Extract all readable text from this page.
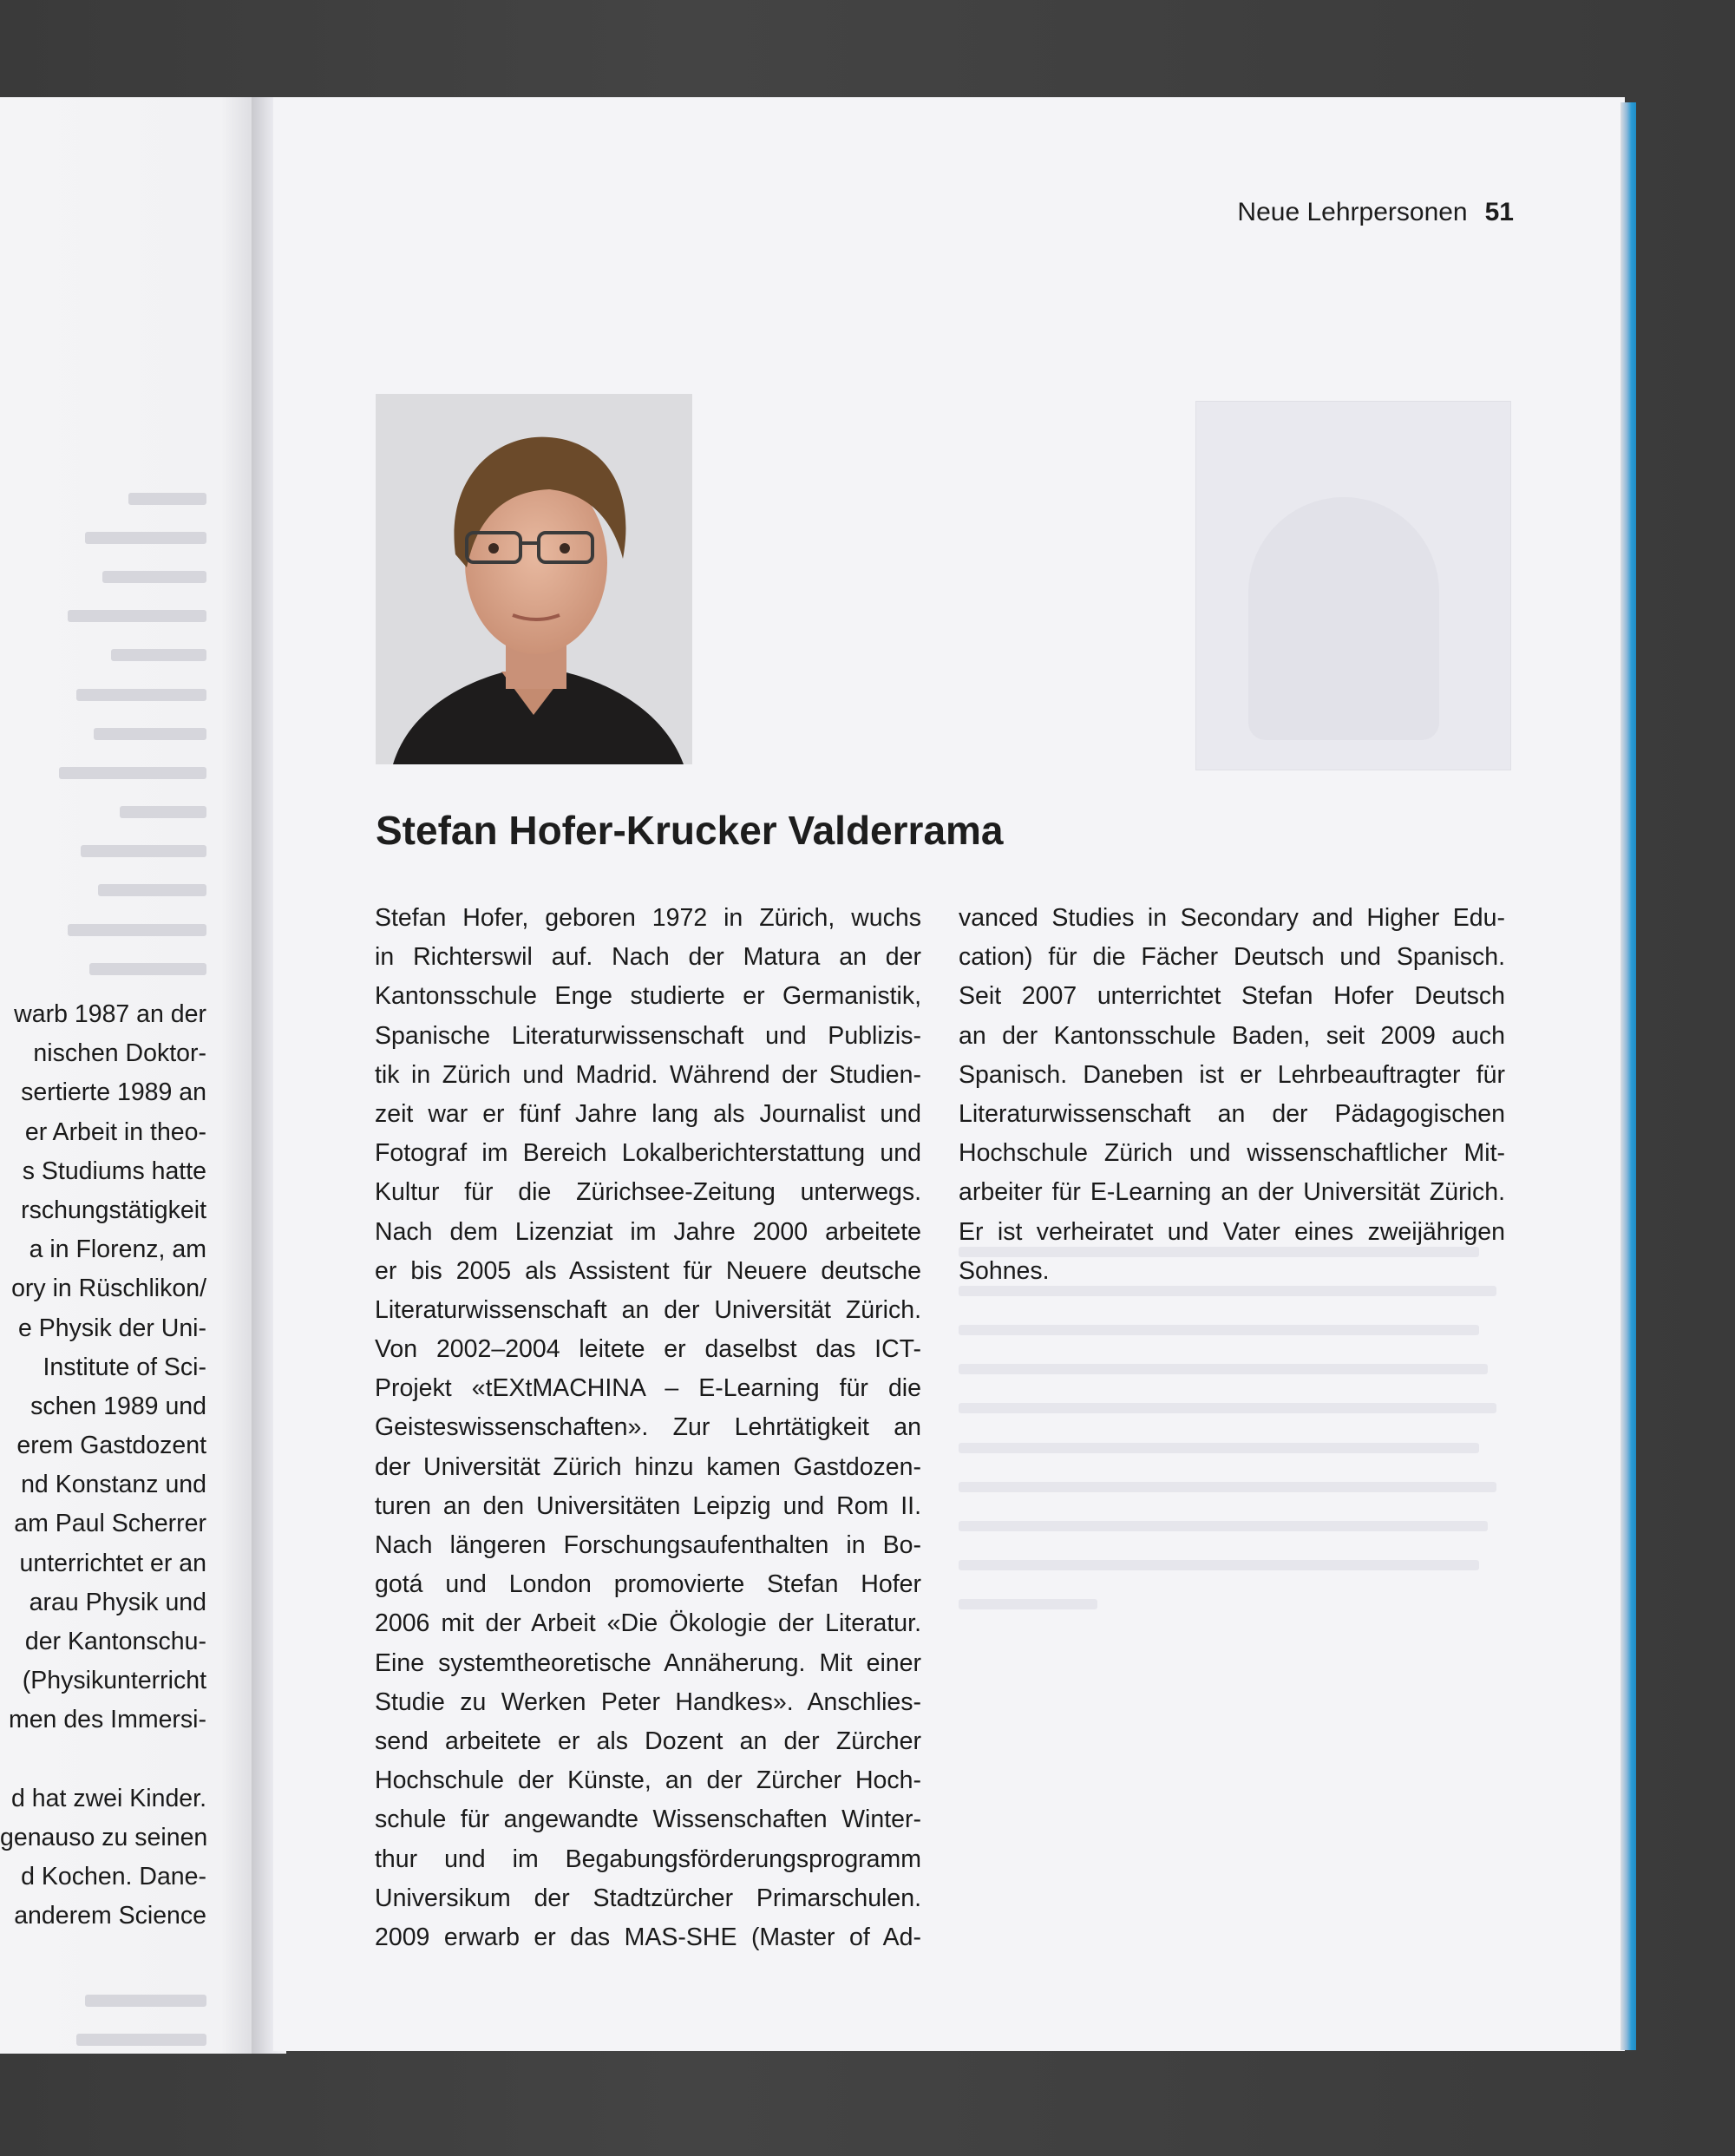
warb 1987 an der
nischen Doktor-
sertierte 1989 an
er Arbeit in theo-
s Studiums hatte
rschungstätigkeit
a in Florenz, am
ory in Rüschlikon/
e Physik der Uni-
Institute of Sci-
schen 1989 und
erem Gastdozent
nd Konstanz und
am Paul Scherrer
unterrichtet er an
arau Physik und
der Kantonschu-
(Physikunterricht
men des Immersi-
d hat zwei Kinder.
genauso zu seinen
d Kochen. Dane-
anderem Science
Neue Lehrpersonen 51
Stefan Hofer-Krucker Valderrama
Stefan Hofer, geboren 1972 in Zürich, wuchs
in Richterswil auf. Nach der Matura an der
Kantonsschule Enge studierte er Germanistik,
Spanische Literaturwissenschaft und Publizis-
tik in Zürich und Madrid. Während der Studien-
zeit war er fünf Jahre lang als Journalist und
Fotograf im Bereich Lokalberichterstattung und
Kultur für die Zürichsee-Zeitung unterwegs.
Nach dem Lizenziat im Jahre 2000 arbeitete
er bis 2005 als Assistent für Neuere deutsche
Literaturwissenschaft an der Universität Zürich.
Von 2002–2004 leitete er daselbst das ICT-
Projekt «tEXtMACHINA – E-Learning für die
Geisteswissenschaften». Zur Lehrtätigkeit an
der Universität Zürich hinzu kamen Gastdozen-
turen an den Universitäten Leipzig und Rom II.
Nach längeren Forschungsaufenthalten in Bo-
gotá und London promovierte Stefan Hofer
2006 mit der Arbeit «Die Ökologie der Literatur.
Eine systemtheoretische Annäherung. Mit einer
Studie zu Werken Peter Handkes». Anschlies-
send arbeitete er als Dozent an der Zürcher
Hochschule der Künste, an der Zürcher Hoch-
schule für angewandte Wissenschaften Winter-
thur und im Begabungsförderungsprogramm
Universikum der Stadtzürcher Primarschulen.
2009 erwarb er das MAS-SHE (Master of Ad-
vanced Studies in Secondary and Higher Edu-
cation) für die Fächer Deutsch und Spanisch.
Seit 2007 unterrichtet Stefan Hofer Deutsch
an der Kantonsschule Baden, seit 2009 auch
Spanisch. Daneben ist er Lehrbeauftragter für
Literaturwissenschaft an der Pädagogischen
Hochschule Zürich und wissenschaftlicher Mit-
arbeiter für E-Learning an der Universität Zürich.
Er ist verheiratet und Vater eines zweijährigen
Sohnes.
